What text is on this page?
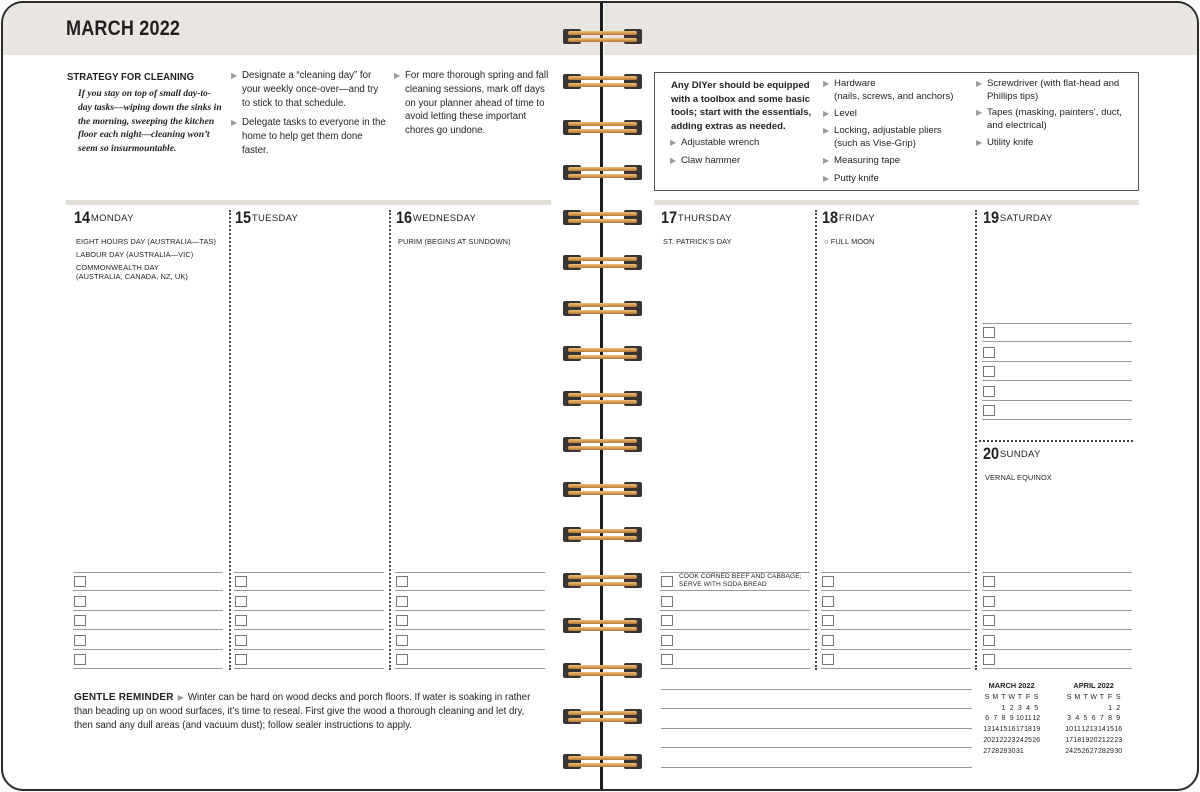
MARCH 2022
STRATEGY FOR CLEANING
If you stay on top of small day-to-day tasks—wiping down the sinks in the morning, sweeping the kitchen floor each night—cleaning won’t seem so insurmountable.
▶ Designate a “cleaning day” for your weekly once-over—and try to stick to that schedule.
▶ Delegate tasks to everyone in the home to help get them done faster.
▶ For more thorough spring and fall cleaning sessions, mark off days on your planner ahead of time to avoid letting these important chores go undone.
Any DIYer should be equipped with a toolbox and some basic tools; start with the essentials, adding extras as needed.
▶ Adjustable wrench
▶ Claw hammer
▶ Hardware
(nails, screws, and anchors)
▶ Level
▶ Locking, adjustable pliers
(such as Vise-Grip)
▶ Measuring tape
▶ Putty knife
▶ Screwdriver (with flat-head and Phillips tips)
▶ Tapes (masking, painters’, duct, and electrical)
▶ Utility knife
14MONDAY
EIGHT HOURS DAY (AUSTRALIA—TAS)
LABOUR DAY (AUSTRALIA—VIC)
COMMONWEALTH DAY
(AUSTRALIA, CANADA, NZ, UK)
15TUESDAY	16WEDNESDAY
PURIM (BEGINS AT SUNDOWN)
17THURSDAY
ST. PATRICK’S DAY
18FRIDAY
○ FULL MOON
19SATURDAY
20SUNDAY
VERNAL EQUINOX
COOK CORNED BEEF AND CABBAGE; SERVE WITH SODA BREAD
GENTLE REMINDER ▶ Winter can be hard on wood decks and porch floors. If water is soaking in rather than beading up on wood surfaces, it’s time to reseal. First give the wood a thorough cleaning and let dry, then sand any dull areas (and vacuum dust); follow sealer instructions to apply.
MARCH 2022
S	M	T	W	T	F	S
		1	2	3	4	5
6	7	8	9	10	11	12
13	14	15	16	17	18	19
20	21	22	23	24	25	26
27	28	29	30	31		
APRIL 2022
S	M	T	W	T	F	S
					1	2
3	4	5	6	7	8	9
10	11	12	13	14	15	16
17	18	19	20	21	22	23
24	25	26	27	28	29	30
